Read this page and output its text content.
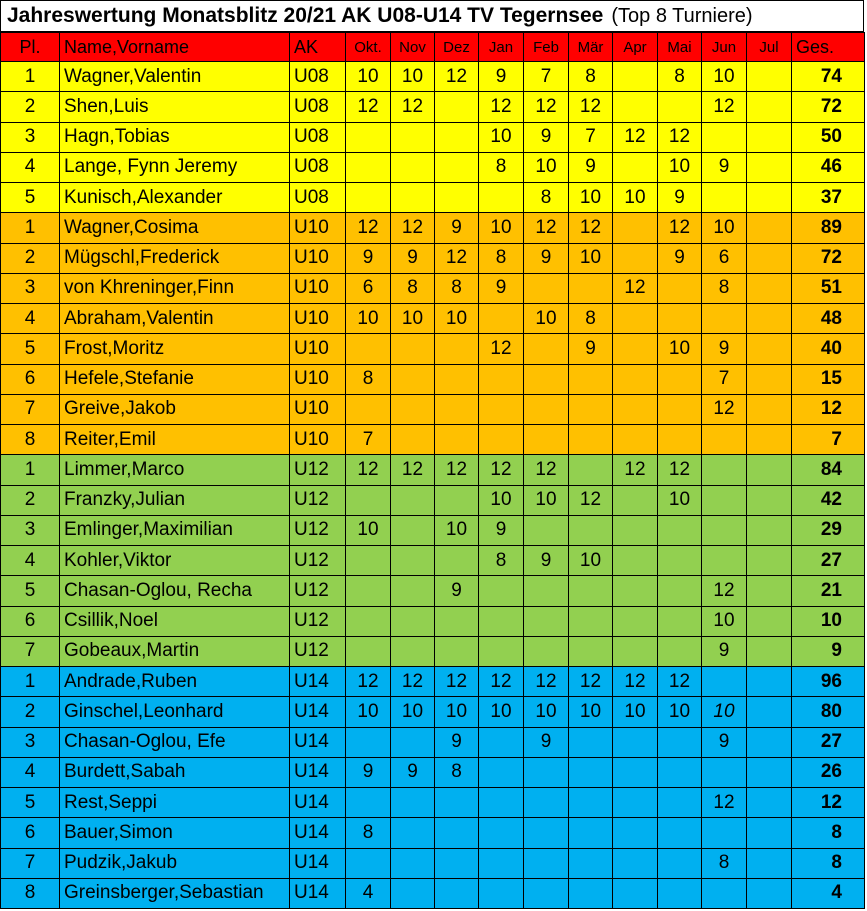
Jahreswertung Monatsblitz 20/21 AK U08-U14 TV Tegernsee (Top 8 Turniere)
Pl.	Name,Vorname	AK	Okt.	Nov	Dez	Jan	Feb	Mär	Apr	Mai	Jun	Jul	Ges.
1	Wagner,Valentin	U08	10	10	12	9	7	8		8	10		74
2	Shen,Luis	U08	12	12		12	12	12			12		72
3	Hagn,Tobias	U08				10	9	7	12	12			50
4	Lange, Fynn Jeremy	U08				8	10	9		10	9		46
5	Kunisch,Alexander	U08					8	10	10	9			37
1	Wagner,Cosima	U10	12	12	9	10	12	12		12	10		89
2	Mügschl,Frederick	U10	9	9	12	8	9	10		9	6		72
3	von Khreninger,Finn	U10	6	8	8	9			12		8		51
4	Abraham,Valentin	U10	10	10	10		10	8					48
5	Frost,Moritz	U10				12		9		10	9		40
6	Hefele,Stefanie	U10	8								7		15
7	Greive,Jakob	U10									12		12
8	Reiter,Emil	U10	7										7
1	Limmer,Marco	U12	12	12	12	12	12		12	12			84
2	Franzky,Julian	U12				10	10	12		10			42
3	Emlinger,Maximilian	U12	10		10	9							29
4	Kohler,Viktor	U12				8	9	10					27
5	Chasan-Oglou, Recha	U12			9						12		21
6	Csillik,Noel	U12									10		10
7	Gobeaux,Martin	U12									9		9
1	Andrade,Ruben	U14	12	12	12	12	12	12	12	12			96
2	Ginschel,Leonhard	U14	10	10	10	10	10	10	10	10	10		80
3	Chasan-Oglou, Efe	U14			9		9				9		27
4	Burdett,Sabah	U14	9	9	8								26
5	Rest,Seppi	U14									12		12
6	Bauer,Simon	U14	8										8
7	Pudzik,Jakub	U14									8		8
8	Greinsberger,Sebastian	U14	4										4
